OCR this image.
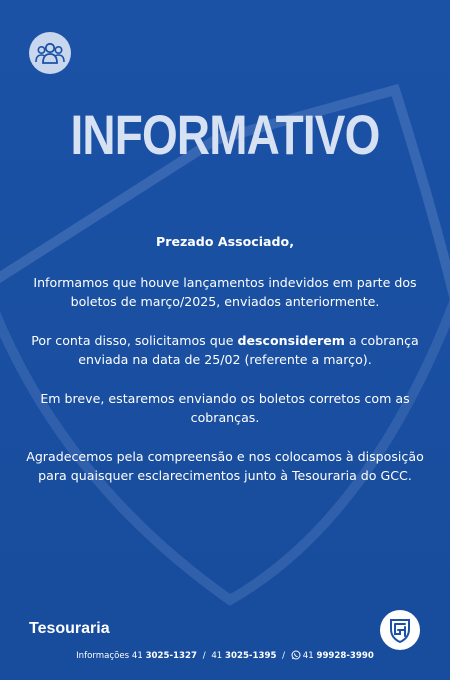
INFORMATIVO

Prezado Associado,

Informamos que houve lançamentos indevidos em parte dos boletos de março/2025, enviados anteriormente.

Por conta disso, solicitamos que desconsiderem a cobrança enviada na data de 25/02 (referente a março).

Em breve, estaremos enviando os boletos corretos com as cobranças.

Agradecemos pela compreensão e nos colocamos à disposição para quaisquer esclarecimentos junto à Tesouraria do GCC.

Tesouraria
Informações 41 3025-1327 / 41 3025-1395 / 41 99928-3990
